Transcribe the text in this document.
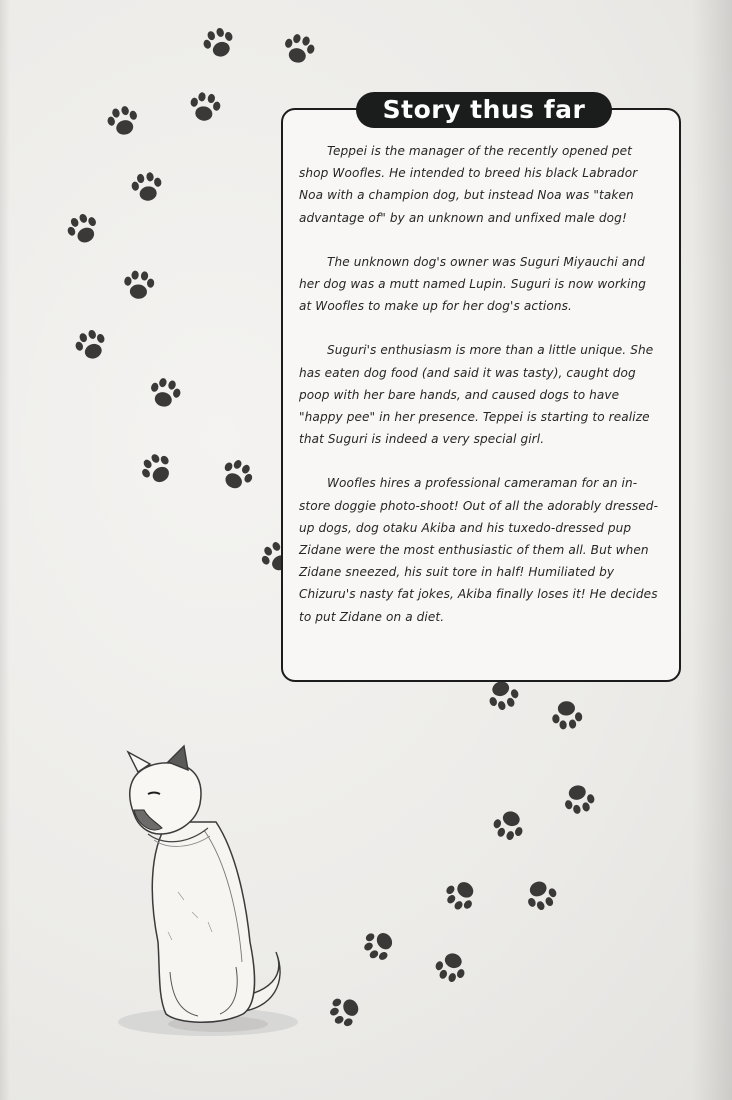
Story thus far

Teppei is the manager of the recently opened pet shop Woofles. He intended to breed his black Labrador Noa with a champion dog, but instead Noa was "taken advantage of" by an unknown and unfixed male dog!

The unknown dog's owner was Suguri Miyauchi and her dog was a mutt named Lupin. Suguri is now working at Woofles to make up for her dog's actions.

Suguri's enthusiasm is more than a little unique. She has eaten dog food (and said it was tasty), caught dog poop with her bare hands, and caused dogs to have "happy pee" in her presence. Teppei is starting to realize that Suguri is indeed a very special girl.

Woofles hires a professional cameraman for an in-store doggie photo-shoot! Out of all the adorably dressed-up dogs, dog otaku Akiba and his tuxedo-dressed pup Zidane were the most enthusiastic of them all. But when Zidane sneezed, his suit tore in half! Humiliated by Chizuru's nasty fat jokes, Akiba finally loses it! He decides to put Zidane on a diet.
